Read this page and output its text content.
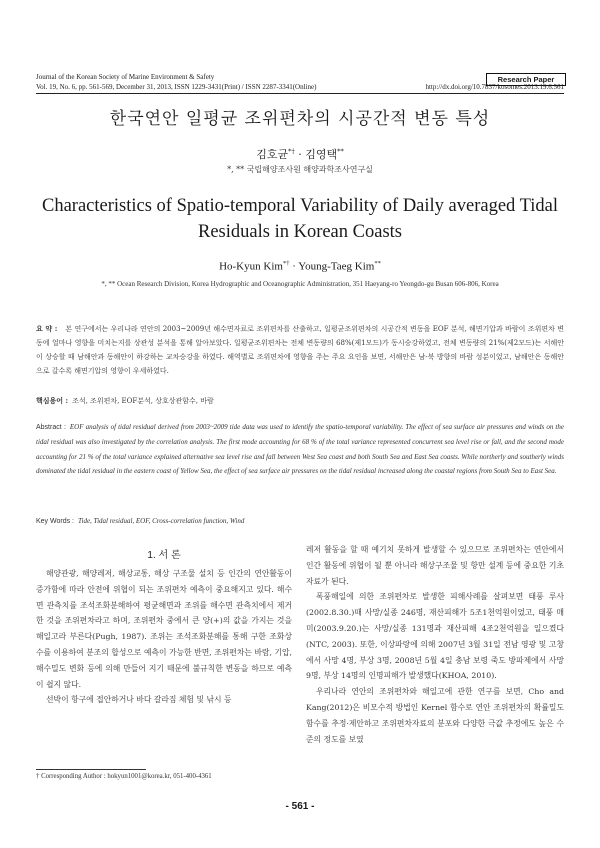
Journal of the Korean Society of Marine Environment & Safety	Research Paper
Vol. 19, No. 6, pp. 561-569, December 31, 2013, ISSN 1229-3431(Print) / ISSN 2287-3341(Online)	http://dx.doi.org/10.7837/kosomes.2013.19.6.561
한국연안 일평균 조위편차의 시공간적 변동 특성
김호균*† · 김영택**
*, ** 국립해양조사원 해양과학조사연구실
Characteristics of Spatio-temporal Variability of Daily averaged Tidal
Residuals in Korean Coasts
Ho-Kyun Kim*† · Young-Taeg Kim**
*, ** Ocean Research Division, Korea Hydrographic and Oceanographic Administration, 351 Haeyang-ro Yeongdo-gu Busan 606-806, Korea
요 약 : 본 연구에서는 우리나라 연안의 2003~2009년 해수면자료로 조위편차를 산출하고, 일평균조위편차의 시공간적 변동을 EOF 분석, 해면기압과 바람이 조위편차 변동에 얼마나 영향을 미치는지를 상관성 분석을 통해 알아보았다. 일평균조위편차는 전체 변동량의 68%(제1모드)가 동시승강하였고, 전체 변동량의 21%(제2모드)는 서해안이 상승할 때 남해안과 동해안이 하강하는 교차승강을 하였다. 해역별로 조위편차에 영향을 주는 주요 요인을 보면, 서해안은 남-북 방향의 바람 성분이었고, 남해안은 동해안으로 갈수록 해면기압의 영향이 우세하였다.
핵심용어 : 조석, 조위편차, EOF분석, 상호상관함수, 바람
Abstract : EOF analysis of tidal residual derived from 2003~2009 tide data was used to identify the spatio-temporal variability. The effect of sea surface air pressures and winds on the tidal residual was also investigated by the correlation analysis. The first mode accounting for 68 % of the total variance represented concurrent sea level rise or fall, and the second mode accounting for 21 % of the total variance explained alternative sea level rise and fall between West Sea coast and both South Sea and East Sea coasts. While northerly and southerly winds dominated the tidal residual in the eastern coast of Yellow Sea, the effect of sea surface air pressures on the tidal residual increased along the coastal regions from South Sea to East Sea.
Key Words : Tide, Tidal residual, EOF, Cross-correlation function, Wind
1. 서 론

해양관광, 해양레저, 해상교통, 해상 구조물 설치 등 인간의 연안활동이 증가함에 따라 안전에 위협이 되는 조위편차 예측이 중요해지고 있다. 해수면 관측치를 조석조화분해하여 평균해면과 조위를 해수면 관측치에서 제거한 것을 조위편차라고 하며, 조위편차 중에서 큰 양(+)의 값을 가지는 것을 해일고라 부른다(Pugh, 1987). 조위는 조석조화분해를 통해 구한 조화상수를 이용하여 분조의 합성으로 예측이 가능한 반면, 조위편차는 바람, 기압, 해수밀도 변화 등에 의해 만들어 지기 때문에 불규칙한 변동을 하므로 예측이 쉽지 않다.

선박이 항구에 접안하거나 바다 갈라짐 체험 및 낚시 등

레저 활동을 할 때 예기치 못하게 발생할 수 있으므로 조위편차는 연안에서 인간 활동에 위협이 될 뿐 아니라 해상구조물 및 항만 설계 등에 중요한 기초자료가 된다.

폭풍해일에 의한 조위편차로 발생한 피해사례를 살펴보면 태풍 루사(2002.8.30.)때 사망/실종 246명, 재산피해가 5조1천억원이었고, 태풍 매미(2003.9.20.)는 사망/실종 131명과 재산피해 4조2천억원을 일으켰다(NTC, 2003). 또한, 이상파랑에 의해 2007년 3월 31일 전남 영광 및 고창에서 사망 4명, 부상 3명, 2008년 5월 4일 충남 보령 죽도 방파제에서 사망 9명, 부상 14명의 인명피해가 발생했다(KHOA, 2010).

우리나라 연안의 조위편차와 해일고에 관한 연구를 보면, Cho and Kang(2012)은 비모수적 방법인 Kernel 함수로 연안 조위편차의 확률밀도함수를 추정·제안하고 조위편차자료의 분포와 다양한 극값 추정에도 높은 수준의 정도를 보였

† Corresponding Author : hokyun1001@korea.kr, 051-400-4361
- 561 -
